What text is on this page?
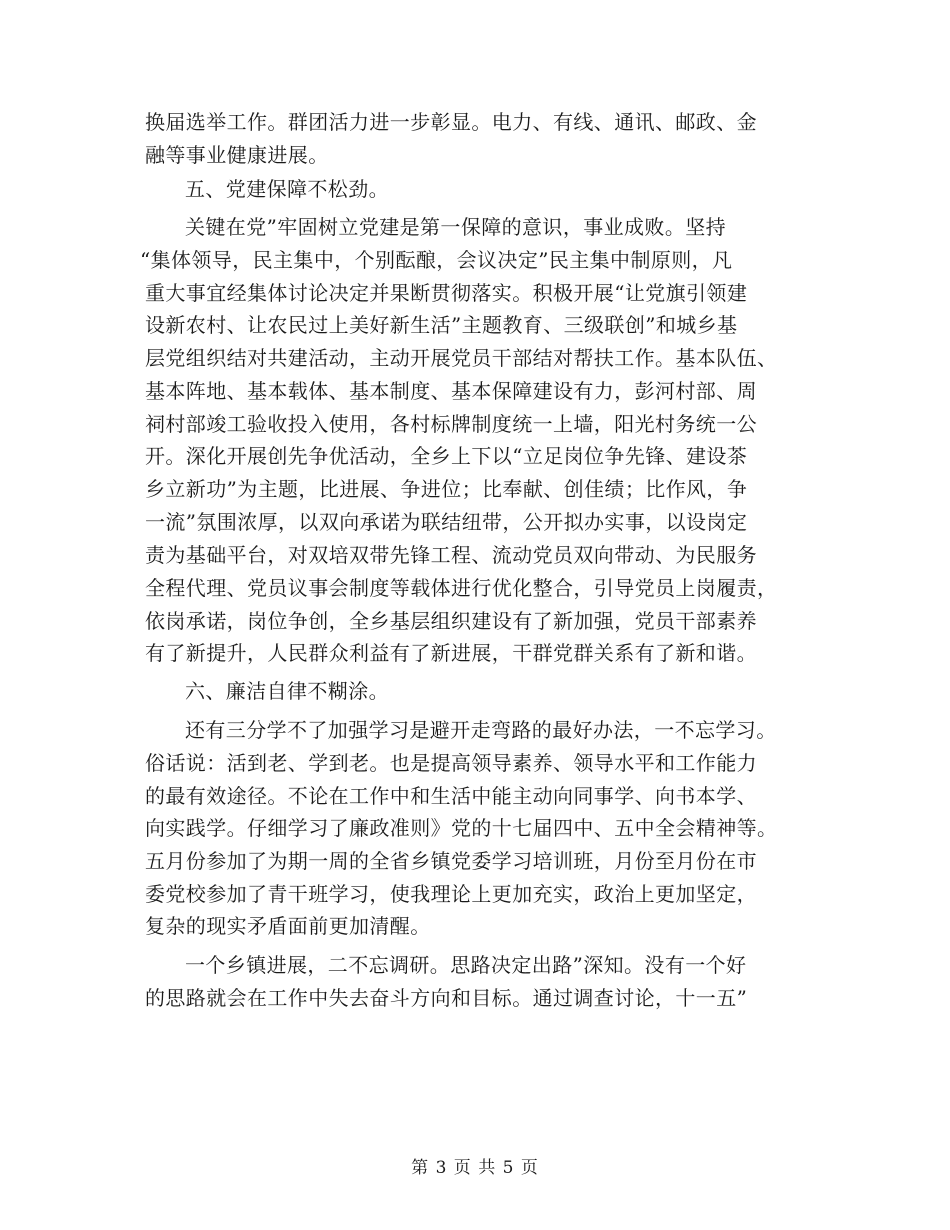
换届选举工作。群团活力进一步彰显。电力、有线、通讯、邮政、金
融等事业健康进展。
五、党建保障不松劲。
关键在党”牢固树立党建是第一保障的意识，事业成败。坚持
“集体领导，民主集中，个别酝酿，会议决定”民主集中制原则，凡
重大事宜经集体讨论决定并果断贯彻落实。积极开展“让党旗引领建
设新农村、让农民过上美好新生活”主题教育、三级联创”和城乡基
层党组织结对共建活动，主动开展党员干部结对帮扶工作。基本队伍、
基本阵地、基本载体、基本制度、基本保障建设有力，彭河村部、周
祠村部竣工验收投入使用，各村标牌制度统一上墙，阳光村务统一公
开。深化开展创先争优活动，全乡上下以“立足岗位争先锋、建设茶
乡立新功”为主题，比进展、争进位；比奉献、创佳绩；比作风，争
一流”氛围浓厚，以双向承诺为联结纽带，公开拟办实事，以设岗定
责为基础平台，对双培双带先锋工程、流动党员双向带动、为民服务
全程代理、党员议事会制度等载体进行优化整合，引导党员上岗履责，
依岗承诺，岗位争创，全乡基层组织建设有了新加强，党员干部素养
有了新提升，人民群众利益有了新进展，干群党群关系有了新和谐。
六、廉洁自律不糊涂。
还有三分学不了加强学习是避开走弯路的最好办法，一不忘学习。
俗话说：活到老、学到老。也是提高领导素养、领导水平和工作能力
的最有效途径。不论在工作中和生活中能主动向同事学、向书本学、
向实践学。仔细学习了廉政准则》党的十七届四中、五中全会精神等。
五月份参加了为期一周的全省乡镇党委学习培训班，月份至月份在市
委党校参加了青干班学习，使我理论上更加充实，政治上更加坚定，
复杂的现实矛盾面前更加清醒。
一个乡镇进展，二不忘调研。思路决定出路”深知。没有一个好
的思路就会在工作中失去奋斗方向和目标。通过调查讨论，十一五”
第 3 页 共 5 页
